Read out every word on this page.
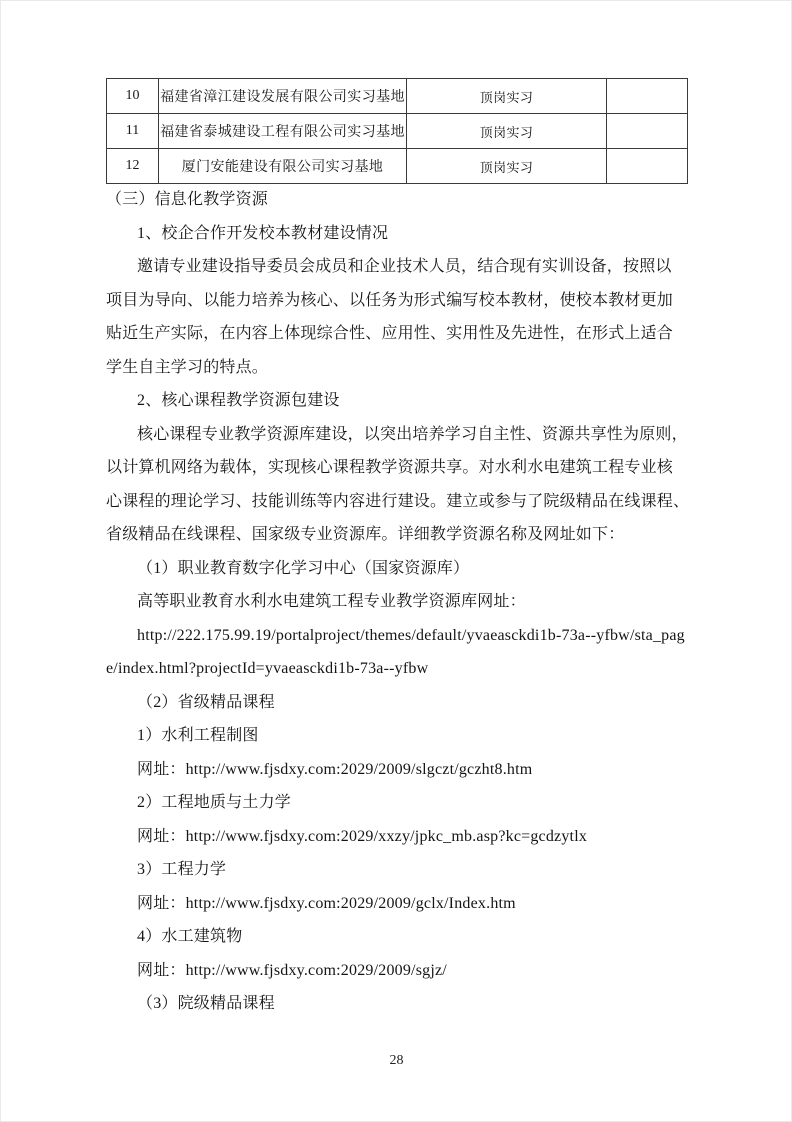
10	福建省漳江建设发展有限公司实习基地	顶岗实习	
11	福建省泰城建设工程有限公司实习基地	顶岗实习	
12	厦门安能建设有限公司实习基地	顶岗实习	
（三）信息化教学资源
1、校企合作开发校本教材建设情况
邀请专业建设指导委员会成员和企业技术人员，结合现有实训设备，按照以
项目为导向、以能力培养为核心、以任务为形式编写校本教材，使校本教材更加
贴近生产实际，在内容上体现综合性、应用性、实用性及先进性，在形式上适合
学生自主学习的特点。
2、核心课程教学资源包建设
核心课程专业教学资源库建设，以突出培养学习自主性、资源共享性为原则，
以计算机网络为载体，实现核心课程教学资源共享。对水利水电建筑工程专业核
心课程的理论学习、技能训练等内容进行建设。建立或参与了院级精品在线课程、
省级精品在线课程、国家级专业资源库。详细教学资源名称及网址如下：
（1）职业教育数字化学习中心（国家资源库）
高等职业教育水利水电建筑工程专业教学资源库网址：
http://222.175.99.19/portalproject/themes/default/yvaeasckdi1b-73a--yfbw/sta_pag
e/index.html?projectId=yvaeasckdi1b-73a--yfbw
（2）省级精品课程
1）水利工程制图
网址：http://www.fjsdxy.com:2029/2009/slgczt/gczht8.htm
2）工程地质与土力学
网址：http://www.fjsdxy.com:2029/xxzy/jpkc_mb.asp?kc=gcdzytlx
3）工程力学
网址：http://www.fjsdxy.com:2029/2009/gclx/Index.htm
4）水工建筑物
网址：http://www.fjsdxy.com:2029/2009/sgjz/
（3）院级精品课程
28
